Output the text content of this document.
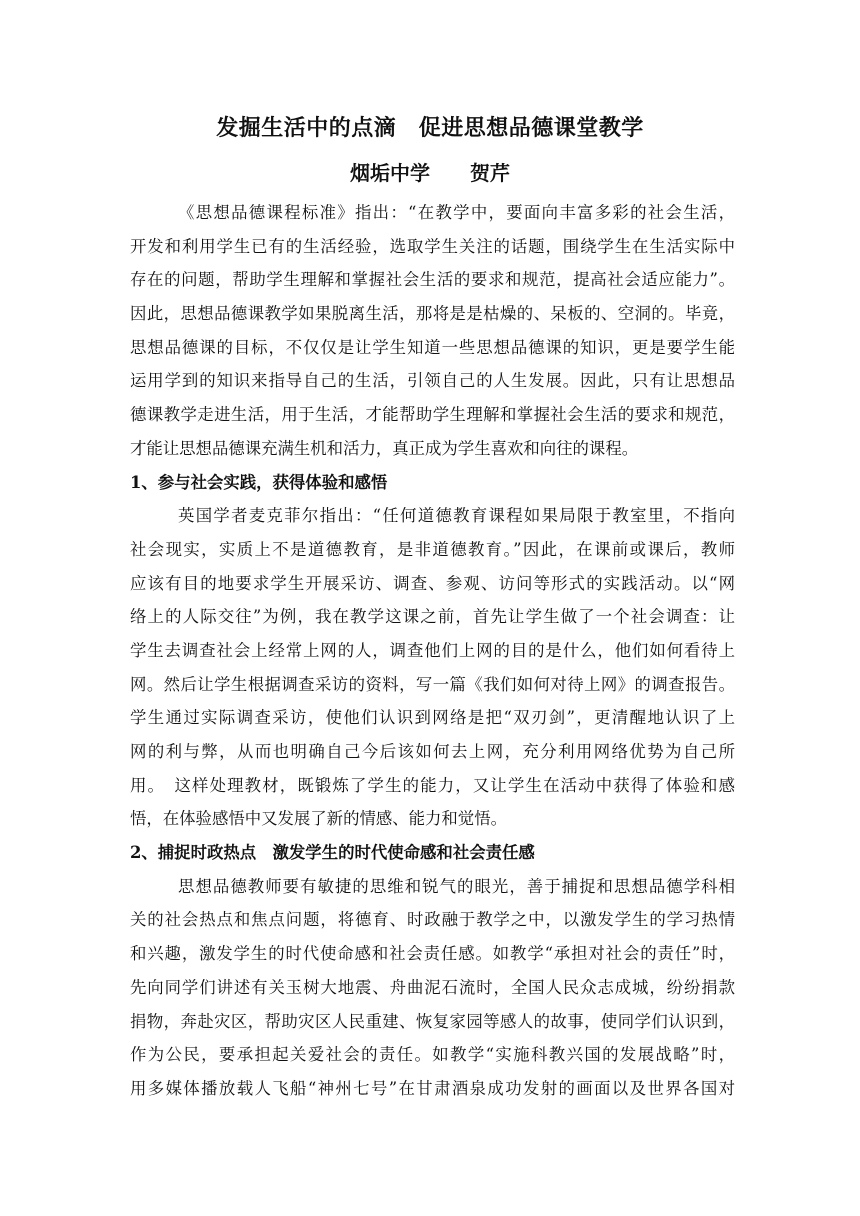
发掘生活中的点滴　促进思想品德课堂教学
烟垢中学　　贺芹
《思想品德课程标准》指出：“在教学中，要面向丰富多彩的社会生活，
开发和利用学生已有的生活经验，选取学生关注的话题，围绕学生在生活实际中
存在的问题，帮助学生理解和掌握社会生活的要求和规范，提高社会适应能力”。
因此，思想品德课教学如果脱离生活，那将是是枯燥的、呆板的、空洞的。毕竟，
思想品德课的目标，不仅仅是让学生知道一些思想品德课的知识，更是要学生能
运用学到的知识来指导自己的生活，引领自己的人生发展。因此，只有让思想品
德课教学走进生活，用于生活，才能帮助学生理解和掌握社会生活的要求和规范，
才能让思想品德课充满生机和活力，真正成为学生喜欢和向往的课程。
1、参与社会实践，获得体验和感悟
英国学者麦克菲尔指出：“任何道德教育课程如果局限于教室里，不指向
社会现实，实质上不是道德教育，是非道德教育。”因此，在课前或课后，教师
应该有目的地要求学生开展采访、调查、参观、访问等形式的实践活动。以“网
络上的人际交往”为例，我在教学这课之前，首先让学生做了一个社会调查：让
学生去调查社会上经常上网的人，调查他们上网的目的是什么，他们如何看待上
网。然后让学生根据调查采访的资料，写一篇《我们如何对待上网》的调查报告。
学生通过实际调查采访，使他们认识到网络是把“双刃剑”，更清醒地认识了上
网的利与弊，从而也明确自己今后该如何去上网，充分利用网络优势为自己所
用。　这样处理教材，既锻炼了学生的能力，又让学生在活动中获得了体验和感
悟，在体验感悟中又发展了新的情感、能力和觉悟。
2、捕捉时政热点　激发学生的时代使命感和社会责任感
思想品德教师要有敏捷的思维和锐气的眼光，善于捕捉和思想品德学科相
关的社会热点和焦点问题，将德育、时政融于教学之中，以激发学生的学习热情
和兴趣，激发学生的时代使命感和社会责任感。如教学“承担对社会的责任”时，
先向同学们讲述有关玉树大地震、舟曲泥石流时，全国人民众志成城，纷纷捐款
捐物，奔赴灾区，帮助灾区人民重建、恢复家园等感人的故事，使同学们认识到，
作为公民，要承担起关爱社会的责任。如教学“实施科教兴国的发展战略”时，
用多媒体播放载人飞船“神州七号”在甘肃酒泉成功发射的画面以及世界各国对
